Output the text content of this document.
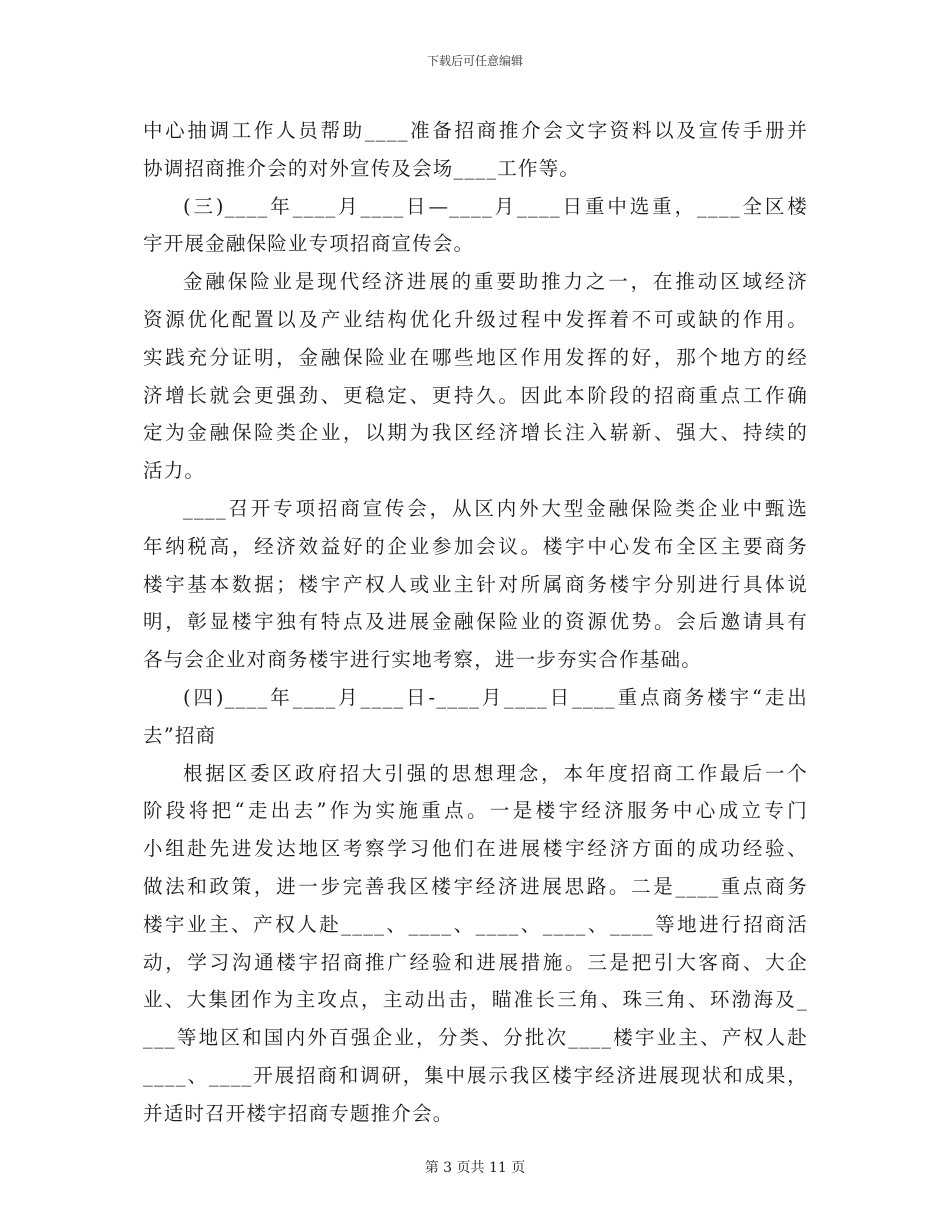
下载后可任意编辑
中心抽调工作人员帮助____准备招商推介会文字资料以及宣传手册并
协调招商推介会的对外宣传及会场____工作等。
(三)____年____月____日—____月____日重中选重，____全区楼
宇开展金融保险业专项招商宣传会。
金融保险业是现代经济进展的重要助推力之一，在推动区域经济
资源优化配置以及产业结构优化升级过程中发挥着不可或缺的作用。
实践充分证明，金融保险业在哪些地区作用发挥的好，那个地方的经
济增长就会更强劲、更稳定、更持久。因此本阶段的招商重点工作确
定为金融保险类企业，以期为我区经济增长注入崭新、强大、持续的
活力。
____召开专项招商宣传会，从区内外大型金融保险类企业中甄选
年纳税高，经济效益好的企业参加会议。楼宇中心发布全区主要商务
楼宇基本数据；楼宇产权人或业主针对所属商务楼宇分别进行具体说
明，彰显楼宇独有特点及进展金融保险业的资源优势。会后邀请具有
各与会企业对商务楼宇进行实地考察，进一步夯实合作基础。
(四)____年____月____日-____月____日____重点商务楼宇“走出
去”招商
根据区委区政府招大引强的思想理念，本年度招商工作最后一个
阶段将把“走出去”作为实施重点。一是楼宇经济服务中心成立专门
小组赴先进发达地区考察学习他们在进展楼宇经济方面的成功经验、
做法和政策，进一步完善我区楼宇经济进展思路。二是____重点商务
楼宇业主、产权人赴____、____、____、____、____等地进行招商活
动，学习沟通楼宇招商推广经验和进展措施。三是把引大客商、大企
业、大集团作为主攻点，主动出击，瞄准长三角、珠三角、环渤海及_
___等地区和国内外百强企业，分类、分批次____楼宇业主、产权人赴
____、____开展招商和调研，集中展示我区楼宇经济进展现状和成果，
并适时召开楼宇招商专题推介会。
第 3 页共 11 页
